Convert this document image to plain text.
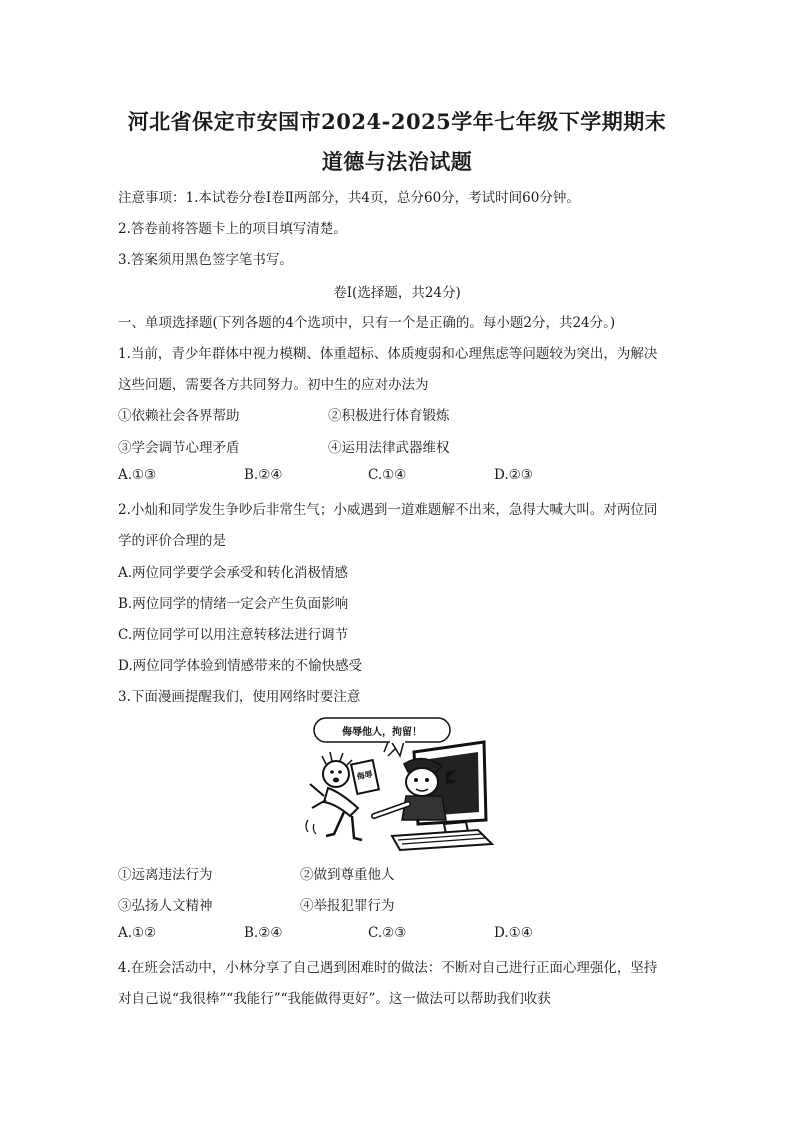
河北省保定市安国市2024-2025学年七年级下学期期末
道德与法治试题
注意事项：1.本试卷分卷Ⅰ卷Ⅱ两部分，共4页，总分60分，考试时间60分钟。
2.答卷前将答题卡上的项目填写清楚。
3.答案须用黑色签字笔书写。
卷Ⅰ(选择题，共24分)
一、单项选择题(下列各题的4个选项中，只有一个是正确的。每小题2分，共24分。)
1.当前，青少年群体中视力模糊、体重超标、体质瘦弱和心理焦虑等问题较为突出，为解决
这些问题，需要各方共同努力。初中生的应对办法为
①依赖社会各界帮助	②积极进行体育锻炼
③学会调节心理矛盾	④运用法律武器维权
A.①③	B.②④	C.①④	D.②③
2.小灿和同学发生争吵后非常生气；小威遇到一道难题解不出来，急得大喊大叫。对两位同
学的评价合理的是
A.两位同学要学会承受和转化消极情感
B.两位同学的情绪一定会产生负面影响
C.两位同学可以用注意转移法进行调节
D.两位同学体验到情感带来的不愉快感受
3.下面漫画提醒我们，使用网络时要注意
侮辱他人，拘留！
侮辱
①远离违法行为	②做到尊重他人
③弘扬人文精神	④举报犯罪行为
A.①②	B.②④	C.②③	D.①④
4.在班会活动中，小林分享了自己遇到困难时的做法：不断对自己进行正面心理强化，坚持
对自己说“我很棒”“我能行”“我能做得更好”。这一做法可以帮助我们收获
